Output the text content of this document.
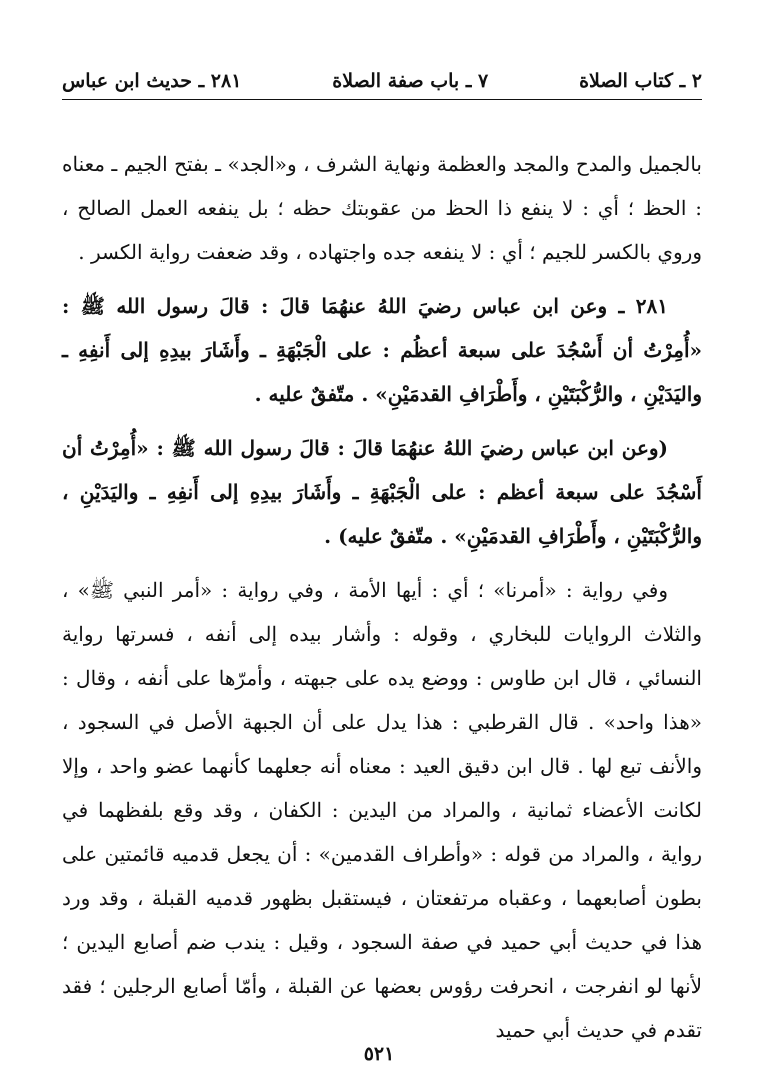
٢ ـ كتاب الصلاة
٧ ـ باب صفة الصلاة
٢٨١ ـ حديث ابن عباس

بالجميل والمدح والمجد والعظمة ونهاية الشرف ، و«الجد» ـ بفتح الجيم ـ معناه : الحظ ؛ أي : لا ينفع ذا الحظ من عقوبتك حظه ؛ بل ينفعه العمل الصالح ، وروي بالكسر للجيم ؛ أي : لا ينفعه جده واجتهاده ، وقد ضعفت رواية الكسر .

٢٨١ ـ وعن ابن عباس رضيَ اللهُ عنهُمَا قالَ : قالَ رسول الله ﷺ : «أُمِرْتُ أن أَسْجُدَ على سبعة أعظُم : على الْجَبْهَةِ ـ وأَشَارَ بيدِهِ إلى أَنفِهِ ـ واليَدَيْنِ ، والرُّكْبَتَيْنِ ، وأَطْرَافِ القدمَيْنِ» . متّفقٌ عليه .

(وعن ابن عباس رضيَ اللهُ عنهُمَا قالَ : قالَ رسول الله ﷺ : «أُمِرْتُ أن أَسْجُدَ على سبعة أعظم : على الْجَبْهَةِ ـ وأَشَارَ بيدِهِ إلى أَنفِهِ ـ واليَدَيْنِ ، والرُّكْبَتَيْنِ ، وأَطْرَافِ القدمَيْنِ» . متّفقٌ عليه) .

وفي رواية : «أمرنا» ؛ أي : أيها الأمة ، وفي رواية : «أمر النبي ﷺ» ، والثلاث الروايات للبخاري ، وقوله : وأشار بيده إلى أنفه ، فسرتها رواية النسائي ، قال ابن طاوس : ووضع يده على جبهته ، وأمرّها على أنفه ، وقال : «هذا واحد» . قال القرطبي : هذا يدل على أن الجبهة الأصل في السجود ، والأنف تبع لها . قال ابن دقيق العيد : معناه أنه جعلهما كأنهما عضو واحد ، وإلا لكانت الأعضاء ثمانية ، والمراد من اليدين : الكفان ، وقد وقع بلفظهما في رواية ، والمراد من قوله : «وأطراف القدمين» : أن يجعل قدميه قائمتين على بطون أصابعهما ، وعقباه مرتفعتان ، فيستقبل بظهور قدميه القبلة ، وقد ورد هذا في حديث أبي حميد في صفة السجود ، وقيل : يندب ضم أصابع اليدين ؛ لأنها لو انفرجت ، انحرفت رؤوس بعضها عن القبلة ، وأمّا أصابع الرجلين ؛ فقد تقدم في حديث أبي حميد

٥٢١
